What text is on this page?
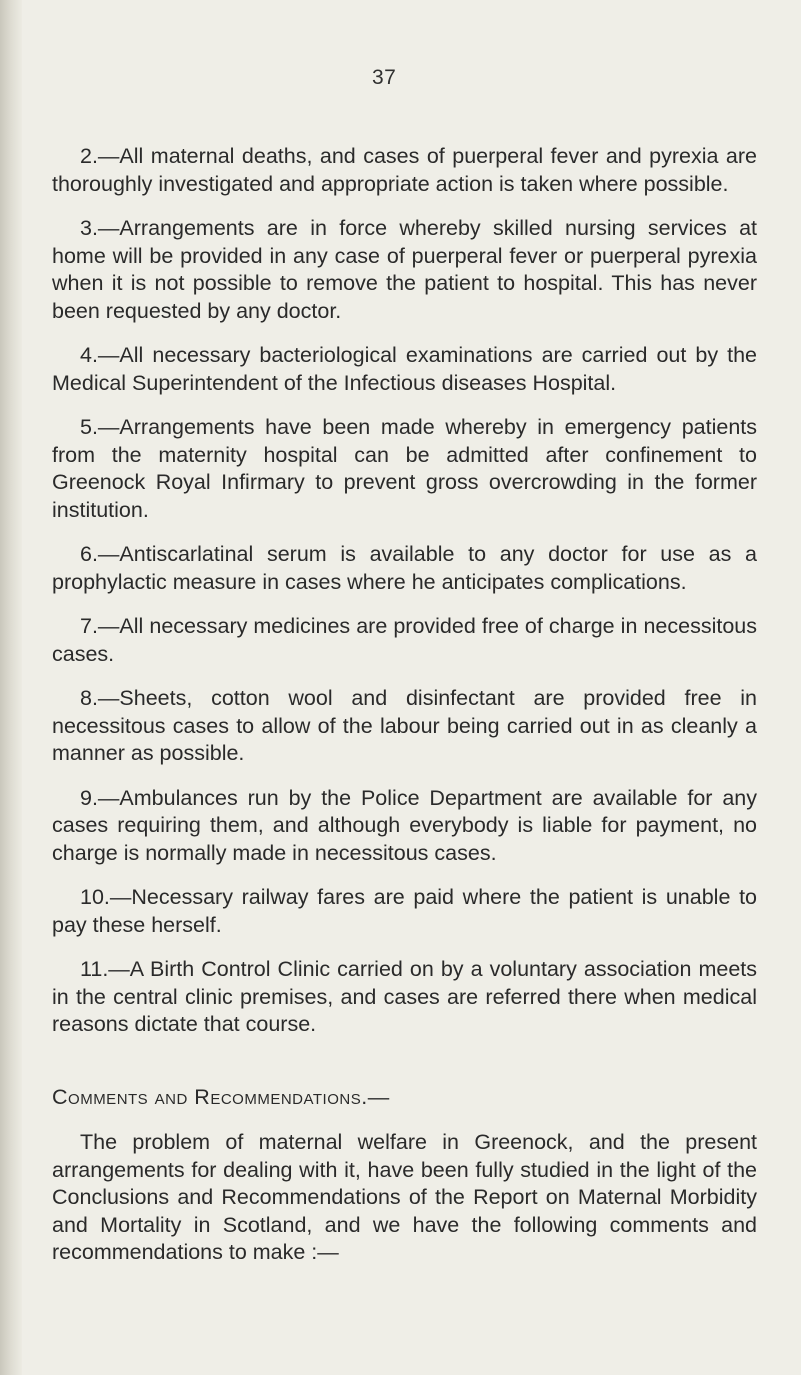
37

2.—All maternal deaths, and cases of puerperal fever and pyrexia are thoroughly investigated and appropriate action is taken where possible.

3.—Arrangements are in force whereby skilled nursing services at home will be provided in any case of puerperal fever or puerperal pyrexia when it is not possible to remove the patient to hospital. This has never been requested by any doctor.

4.—All necessary bacteriological examinations are carried out by the Medical Superintendent of the Infectious diseases Hospital.

5.—Arrangements have been made whereby in emergency patients from the maternity hospital can be admitted after confinement to Greenock Royal Infirmary to prevent gross overcrowding in the former institution.

6.—Antiscarlatinal serum is available to any doctor for use as a prophylactic measure in cases where he anticipates complications.

7.—All necessary medicines are provided free of charge in necessitous cases.

8.—Sheets, cotton wool and disinfectant are provided free in necessitous cases to allow of the labour being carried out in as cleanly a manner as possible.

9.—Ambulances run by the Police Department are available for any cases requiring them, and although everybody is liable for payment, no charge is normally made in necessitous cases.

10.—Necessary railway fares are paid where the patient is unable to pay these herself.

11.—A Birth Control Clinic carried on by a voluntary association meets in the central clinic premises, and cases are referred there when medical reasons dictate that course.

Comments and Recommendations.—

The problem of maternal welfare in Greenock, and the present arrangements for dealing with it, have been fully studied in the light of the Conclusions and Recommendations of the Report on Maternal Morbidity and Mortality in Scotland, and we have the following comments and recommendations to make :—
